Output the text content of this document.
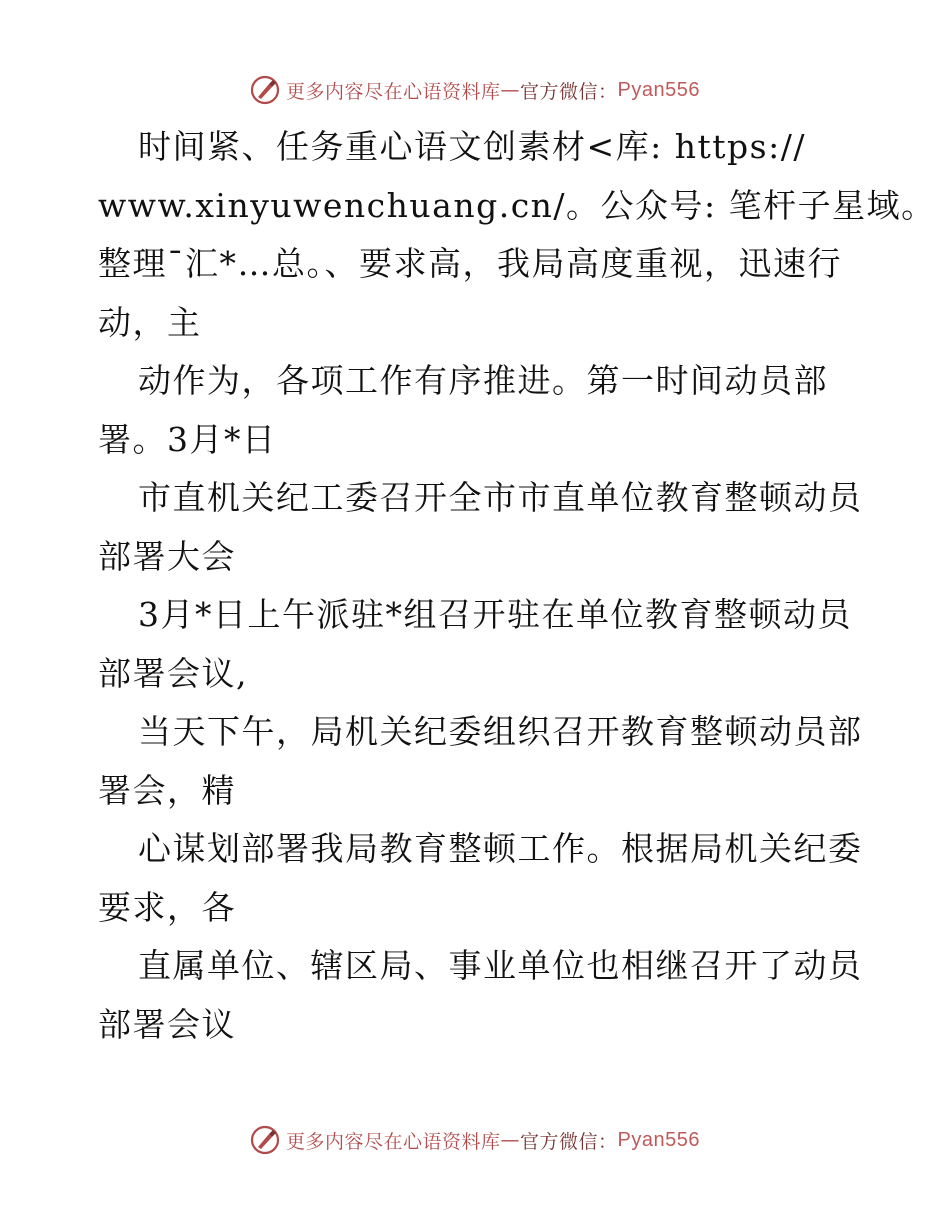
更多内容尽在心语资料库 — 官方微信： Pyan556
时间紧、任务重心语文创素材<库: https://
www.xinyuwenchuang.cn/。公众号: 笔杆子星域。
整理¯汇*…总。、要求高，我局高度重视，迅速行
动，主
动作为，各项工作有序推进。第一时间动员部
署。3月*日
市直机关纪工委召开全市市直单位教育整顿动员
部署大会
3月*日上午派驻*组召开驻在单位教育整顿动员
部署会议,
当天下午，局机关纪委组织召开教育整顿动员部
署会，精
心谋划部署我局教育整顿工作。根据局机关纪委
要求，各
直属单位、辖区局、事业单位也相继召开了动员
部署会议
更多内容尽在心语资料库 — 官方微信： Pyan556
